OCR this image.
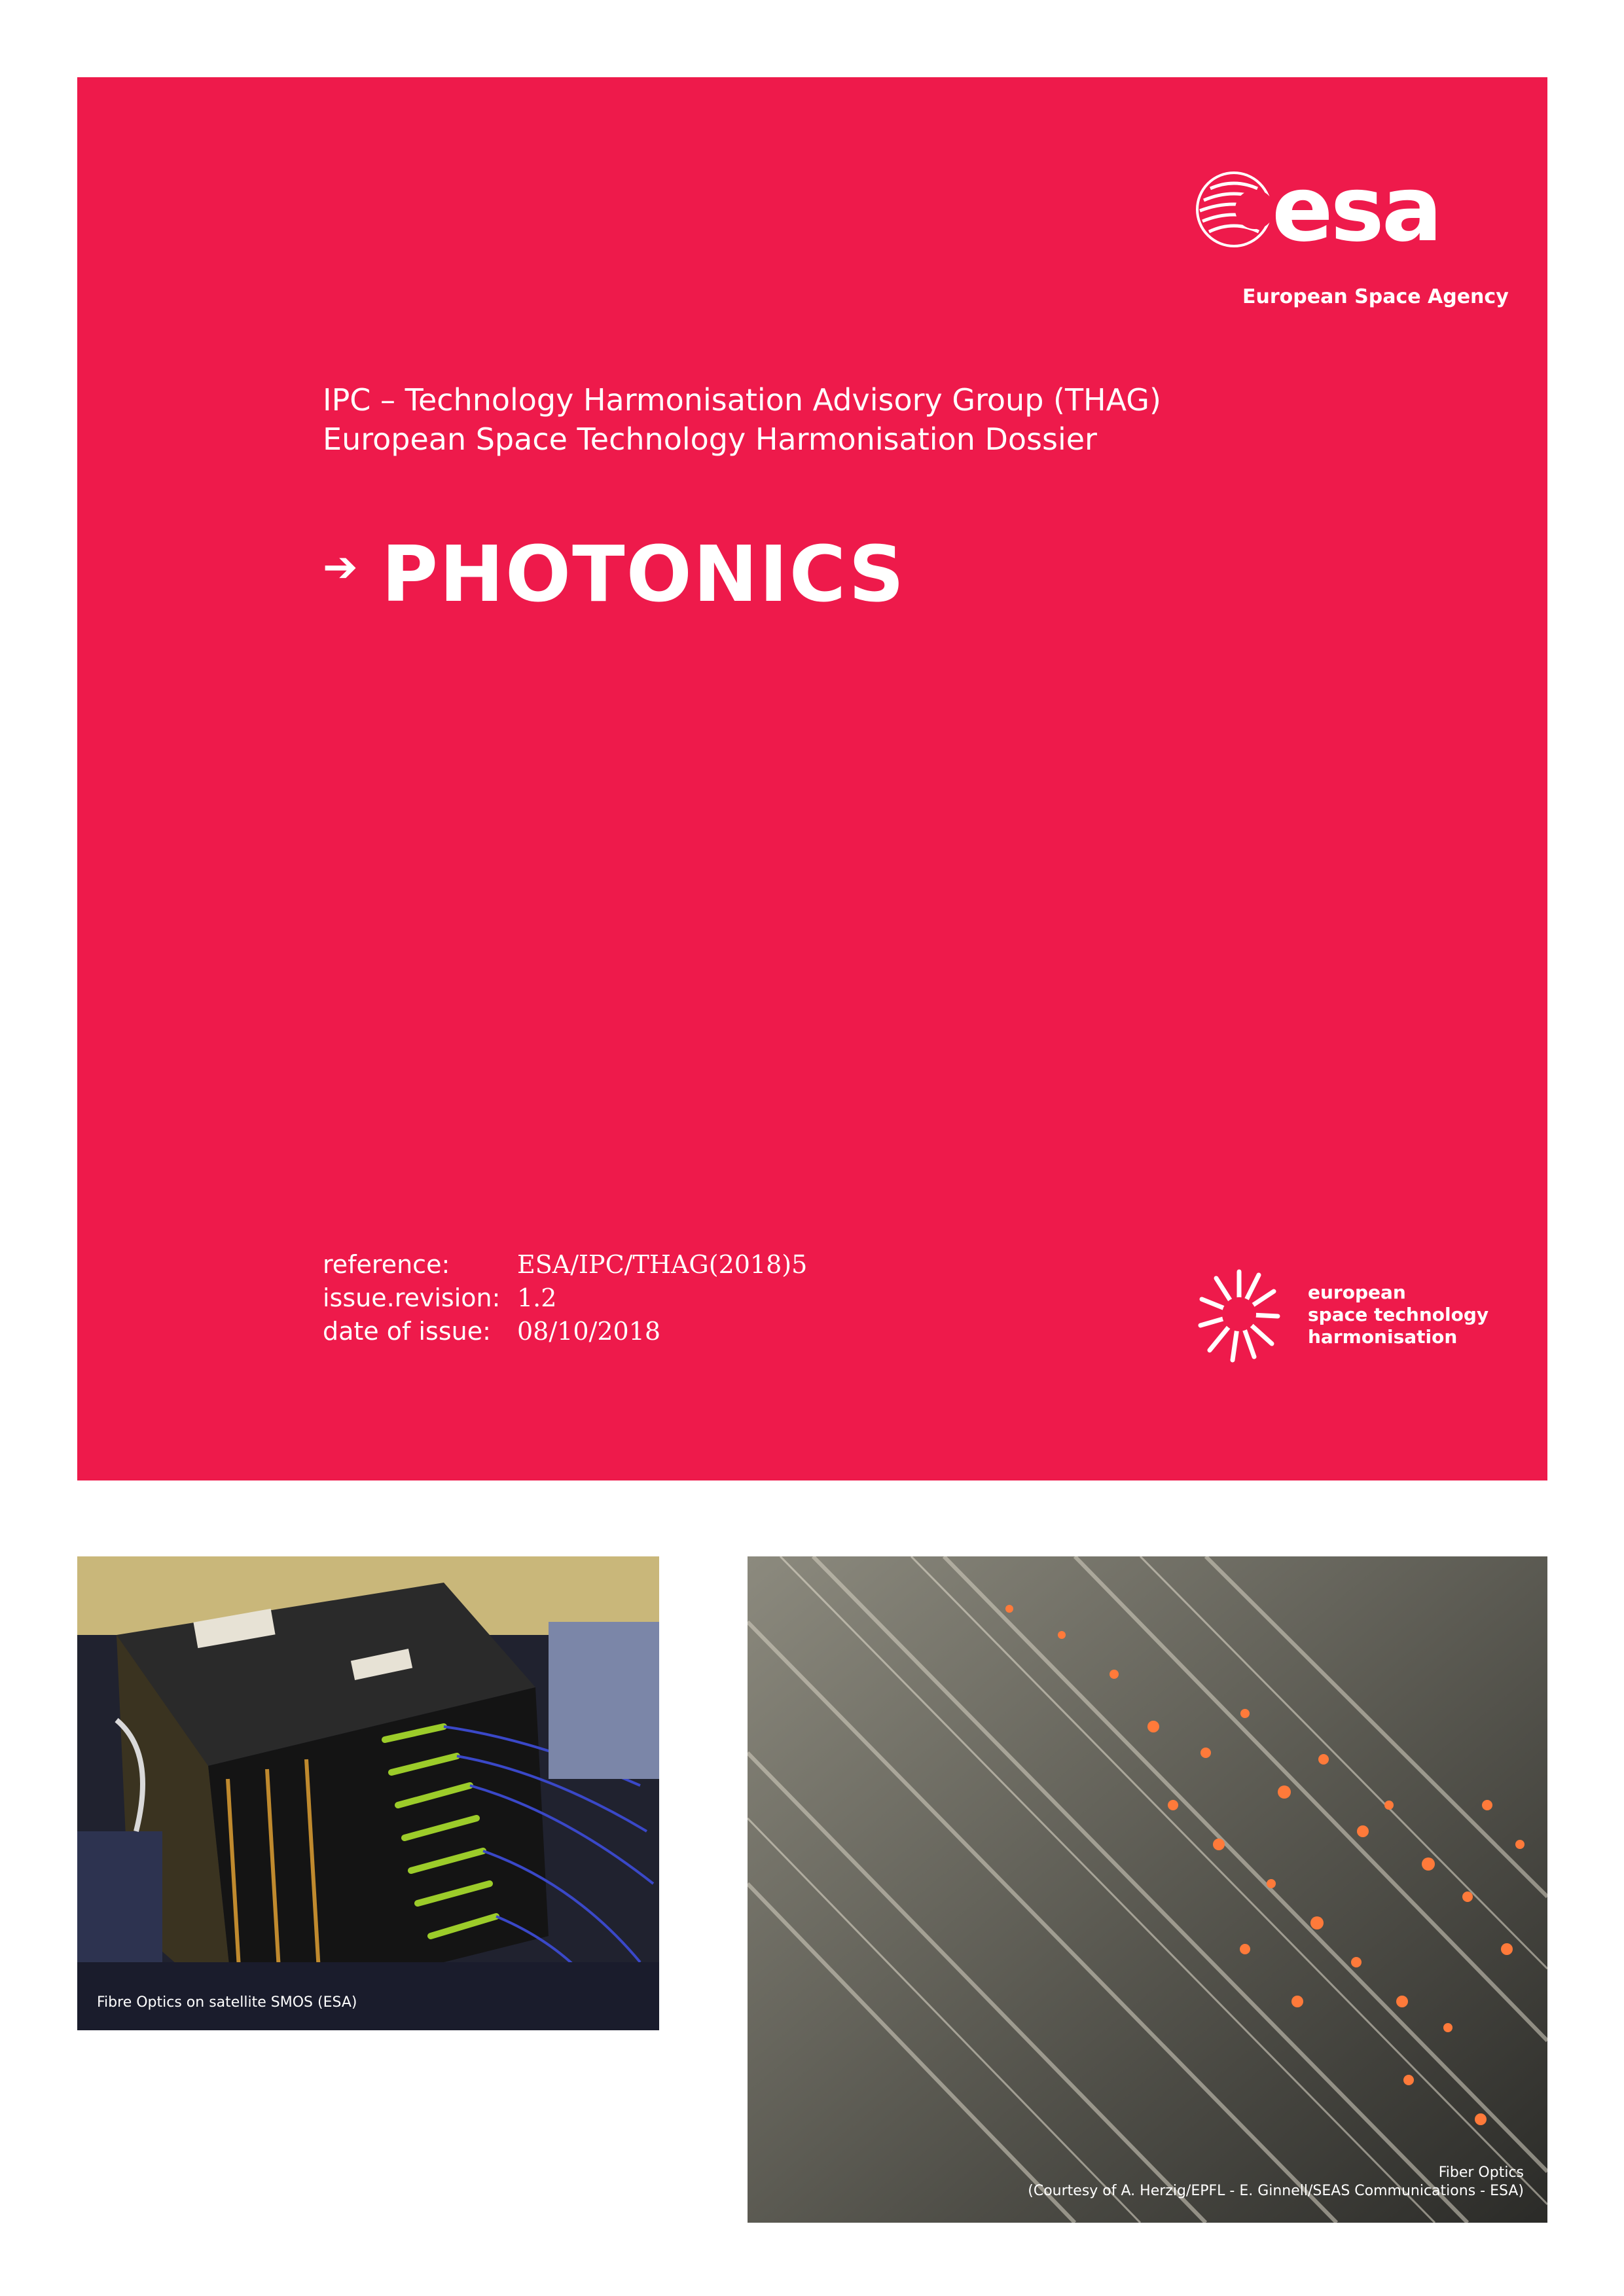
esa
European Space Agency
IPC – Technology Harmonisation Advisory Group (THAG)
European Space Technology Harmonisation Dossier
➔ PHOTONICS
reference:	ESA/IPC/THAG(2018)5
issue.revision: 1.2
date of issue: 08/10/2018
european
space technology
harmonisation
Fibre Optics on satellite SMOS (ESA)
Fiber Optics
(Courtesy of A. Herzig/EPFL - E. Ginnell/SEAS Communications - ESA)
